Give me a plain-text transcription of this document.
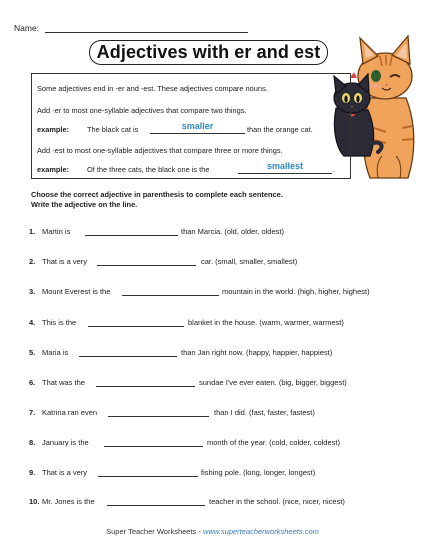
Name:
Adjectives with er and est
Some adjectives end in -er and -est. These adjectives compare nouns.
Add -er to most one-syllable adjectives that compare two things.
example: The black cat is	smaller	than the orange cat.
Add -est to most one-syllable adjectives that compare three or more things.
example: Of the three cats, the black one is the	smallest	.
Choose the correct adjective in parenthesis to complete each sentence.
Write the adjective on the line.
1. Martin is	than Marcia. (old, older, oldest)
2. That is a very	car. (small, smaller, smallest)
3. Mount Everest is the	mountain in the world. (high, higher, highest)
4. This is the	blanket in the house. (warm, warmer, warmest)
5. Maria is	than Jan right now. (happy, happier, happiest)
6. That was the	sundae I've ever eaten. (big, bigger, biggest)
7. Katrina ran even	than I did. (fast, faster, fastest)
8. January is the	month of the year. (cold, colder, coldest)
9. That is a very	fishing pole. (long, longer, longest)
10. Mr. Jones is the	teacher in the school. (nice, nicer, nicest)
Super Teacher Worksheets - www.superteacherworksheets.com
